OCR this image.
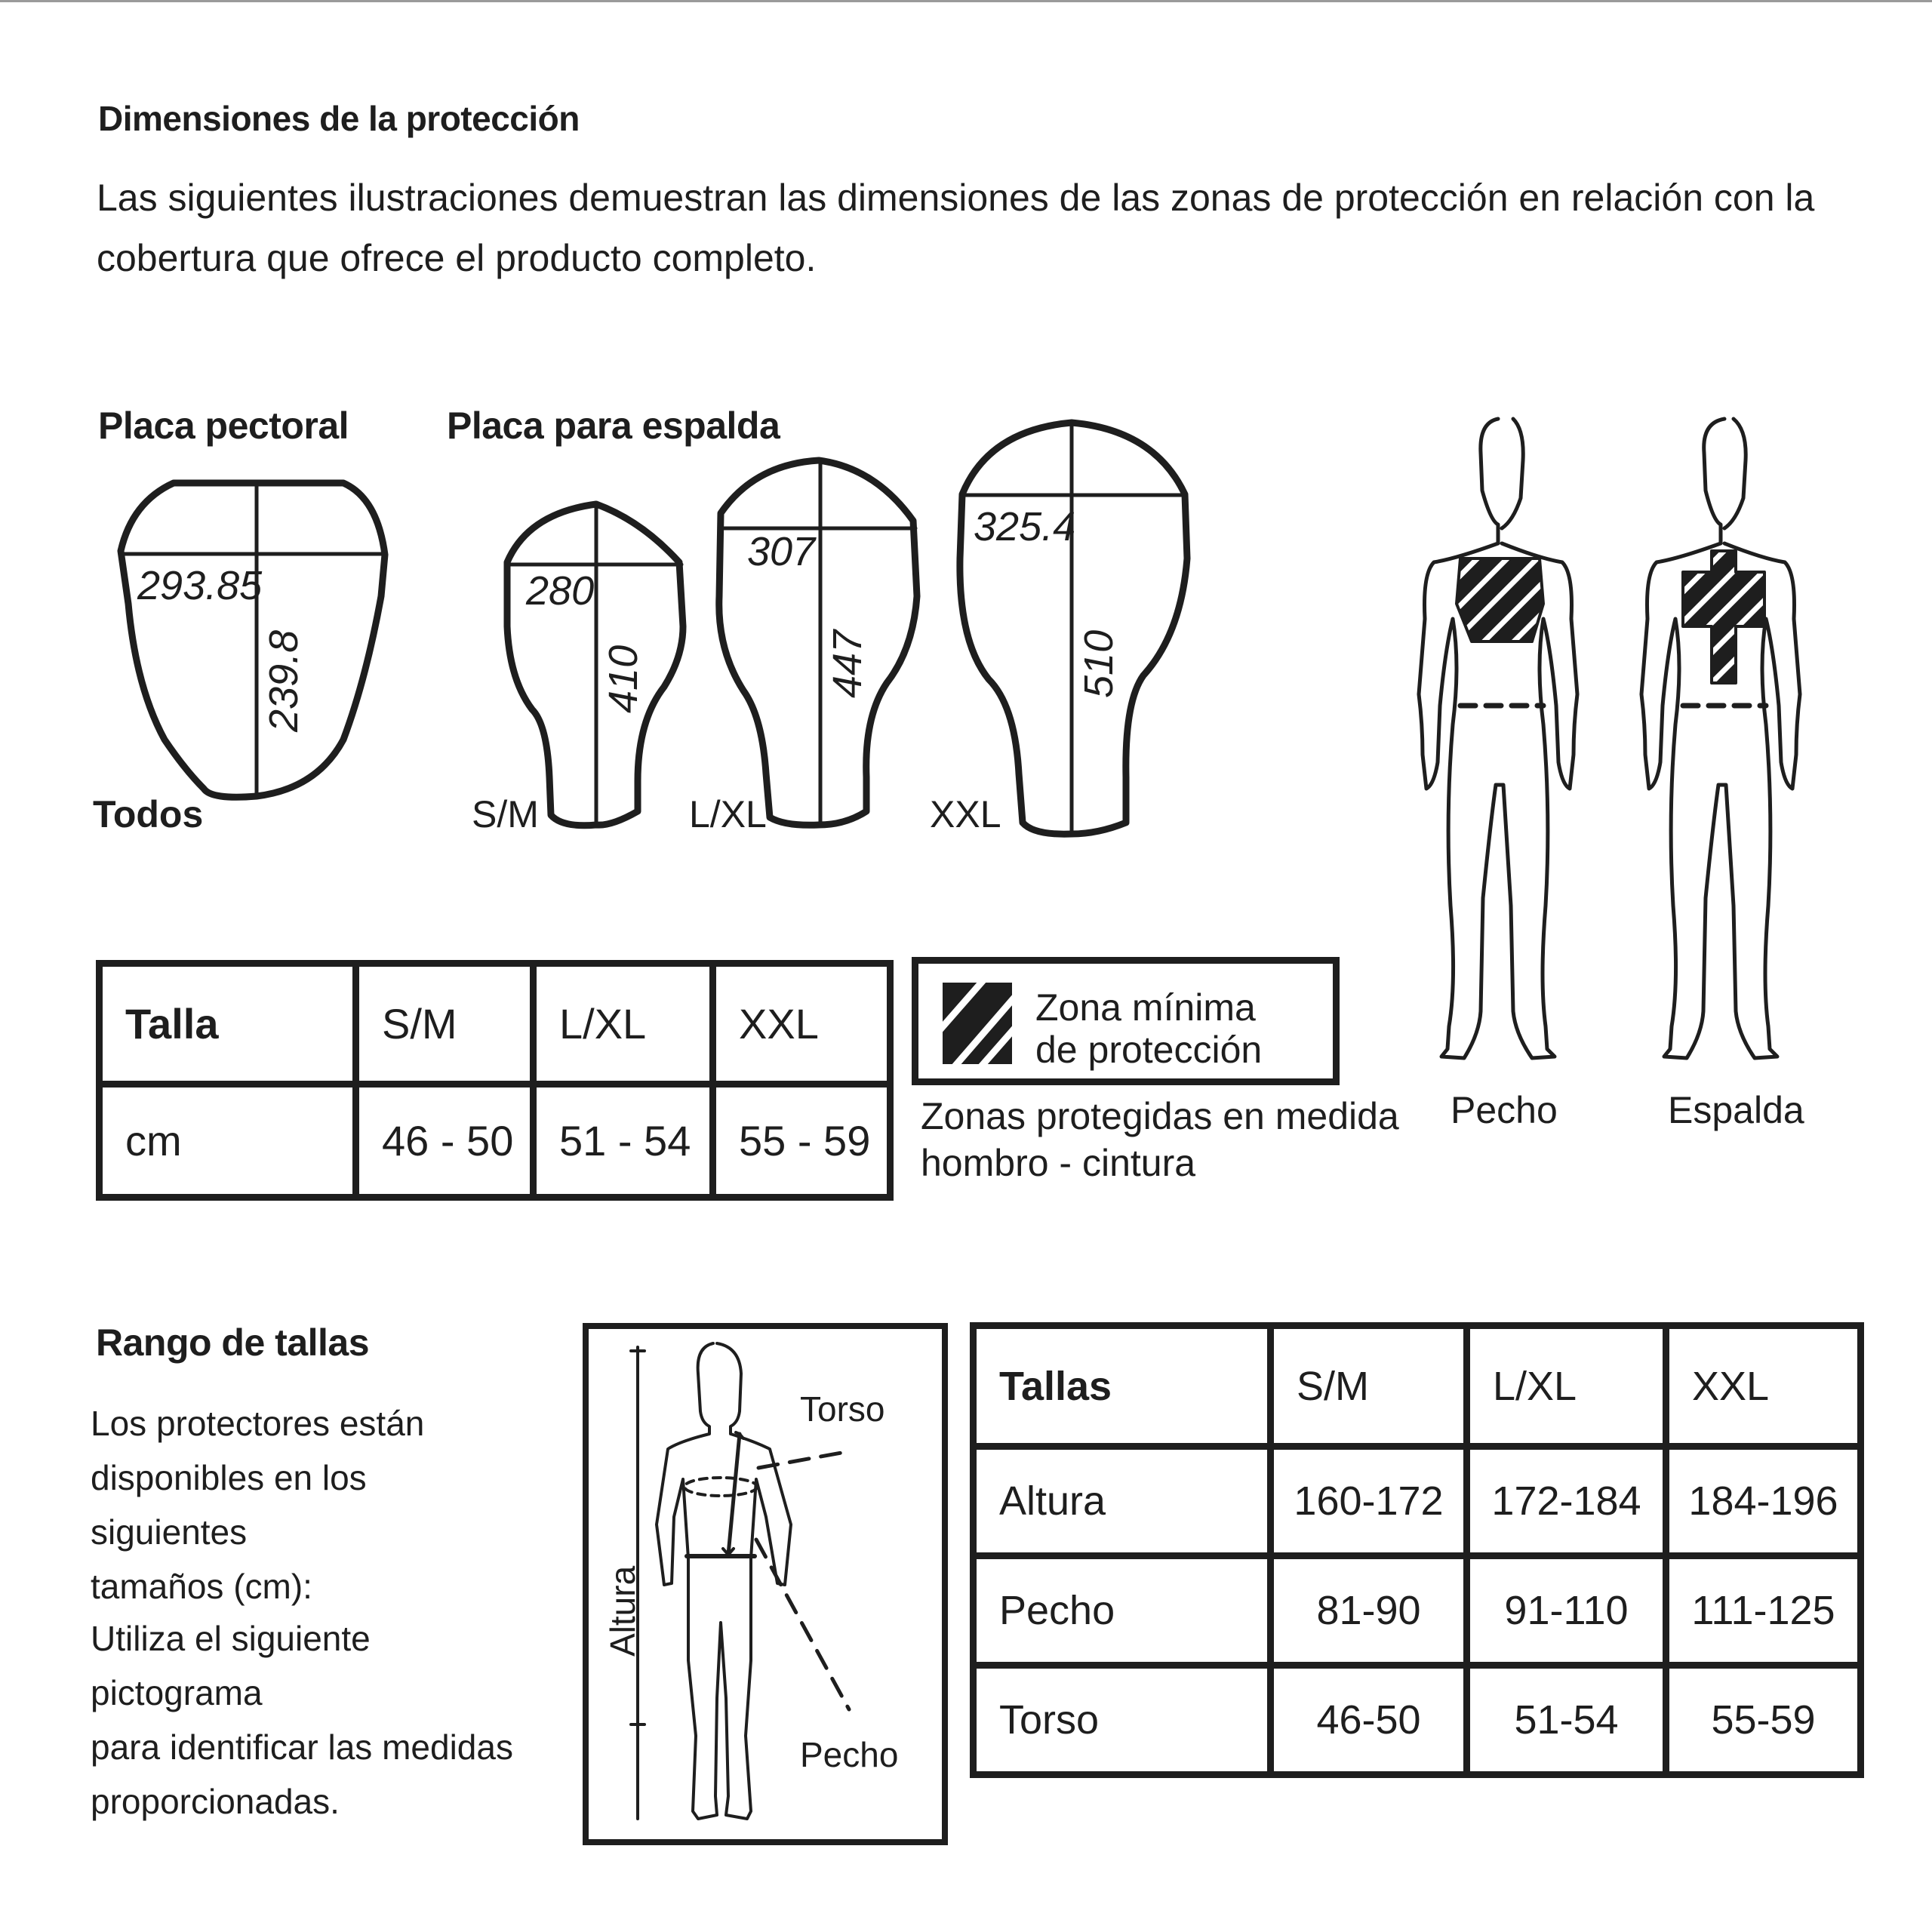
Dimensiones de la protección
Las siguientes ilustraciones demuestran las dimensiones de las zonas de protección en relación con la cobertura que ofrece el producto completo.
Placa pectoral	Placa para espalda
293.85
239.8
Todos
280
410
S/M
307
447
L/XL
325.4
510
XXL
Talla	S/M	L/XL	XXL
cm	46 - 50	51 - 54	55 - 59
Zona mínima
de protección
Zonas protegidas en medida
hombro - cintura
Pecho	Espalda
Rango de tallas
Los protectores están
disponibles en los siguientes
tamaños (cm):
Utiliza el siguiente pictograma
para identificar las medidas
proporcionadas.
Torso
Pecho
Altura
Tallas	S/M	L/XL	XXL
Altura	160-172	172-184	184-196
Pecho	81-90	91-110	111-125
Torso	46-50	51-54	55-59
